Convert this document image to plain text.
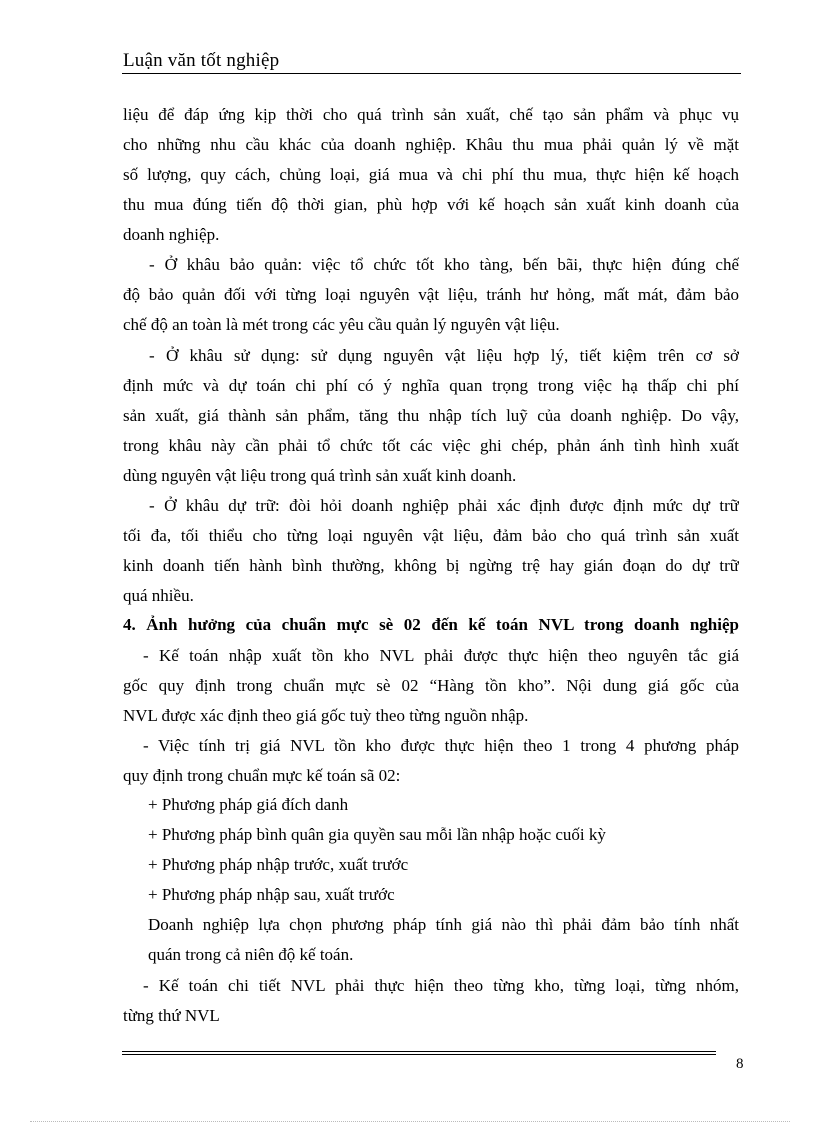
Luận văn tốt nghiệp
liệu để đáp ứng kịp thời cho quá trình sản xuất, chế tạo sản phẩm và phục vụ
cho những nhu cầu khác của doanh nghiệp. Khâu thu mua phải quản lý về mặt
số lượng, quy cách, chủng loại, giá mua và chi phí thu mua, thực hiện kế hoạch
thu mua đúng tiến độ thời gian, phù hợp với kế hoạch sản xuất kinh doanh của
doanh nghiệp.
- Ở khâu bảo quản: việc tổ chức tốt kho tàng, bến bãi, thực hiện đúng chế
độ bảo quản đối với từng loại nguyên vật liệu, tránh hư hỏng, mất mát, đảm bảo
chế độ an toàn là mét trong các yêu cầu quản lý nguyên vật liệu.
- Ở khâu sử dụng: sử dụng nguyên vật liệu hợp lý, tiết kiệm trên cơ sở
định mức và dự toán chi phí có ý nghĩa quan trọng trong việc hạ thấp chi phí
sản xuất, giá thành sản phẩm, tăng thu nhập tích luỹ của doanh nghiệp. Do vậy,
trong khâu này cần phải tổ chức tốt các việc ghi chép, phản ánh tình hình xuất
dùng nguyên vật liệu trong quá trình sản xuất kinh doanh.
- Ở khâu dự trữ: đòi hỏi doanh nghiệp phải xác định được định mức dự trữ
tối đa, tối thiểu cho từng loại nguyên vật liệu, đảm bảo cho quá trình sản xuất
kinh doanh tiến hành bình thường, không bị ngừng trệ hay gián đoạn do dự trữ
quá nhiều.
4. Ảnh hưởng của chuẩn mực sè 02 đến kế toán NVL trong doanh nghiệp
- Kế toán nhập xuất tồn kho NVL phải được thực hiện theo nguyên tắc giá
gốc quy định trong chuẩn mực sè 02 “Hàng tồn kho”. Nội dung giá gốc của
NVL được xác định theo giá gốc tuỳ theo từng nguồn nhập.
- Việc tính trị giá NVL tồn kho được thực hiện theo 1 trong 4 phương pháp
quy định trong chuẩn mực kế toán sã 02:
+ Phương pháp giá đích danh
+ Phương pháp bình quân gia quyền sau mỗi lần nhập hoặc cuối kỳ
+ Phương pháp nhập trước, xuất trước
+ Phương pháp nhập sau, xuất trước
Doanh nghiệp lựa chọn phương pháp tính giá nào thì phải đảm bảo tính nhất
quán trong cả niên độ kế toán.
- Kế toán chi tiết NVL phải thực hiện theo từng kho, từng loại, từng nhóm,
từng thứ NVL
8
